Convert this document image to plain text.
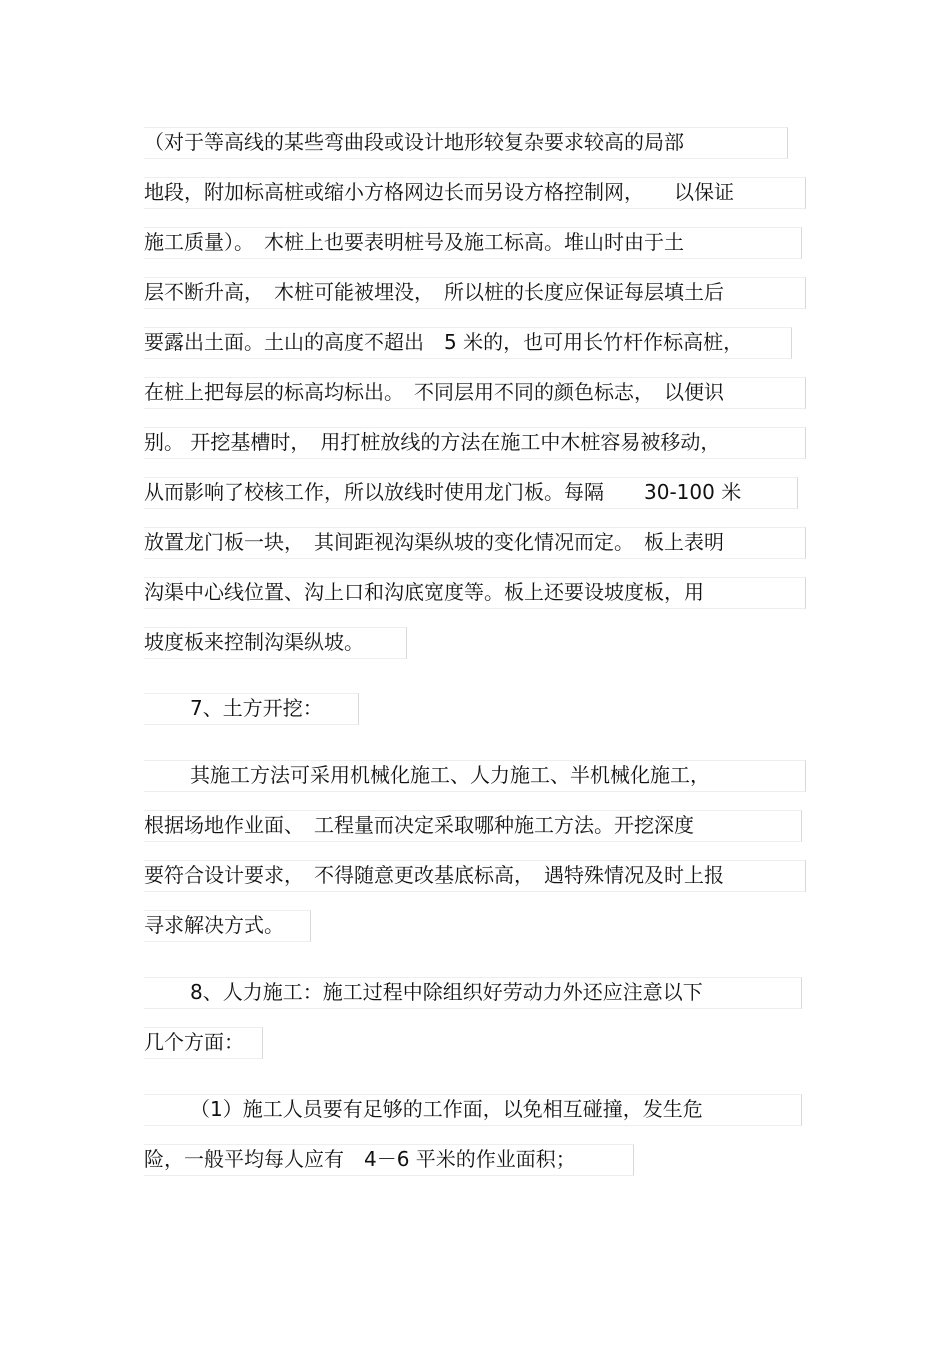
（对于等高线的某些弯曲段或设计地形较复杂要求较高的局部
地段，附加标高桩或缩小方格网边长而另设方格控制网，　　以保证
施工质量）。　木桩上也要表明桩号及施工标高。堆山时由于土
层不断升高，　木桩可能被埋没，　所以桩的长度应保证每层填土后
要露出土面。土山的高度不超出　5 米的，也可用长竹杆作标高桩，
在桩上把每层的标高均标出。　不同层用不同的颜色标志，　以便识
别。 开挖基槽时，　用打桩放线的方法在施工中木桩容易被移动，
从而影响了校核工作，所以放线时使用龙门板。每隔　　30-100 米
放置龙门板一块，　其间距视沟渠纵坡的变化情况而定。　板上表明
沟渠中心线位置、沟上口和沟底宽度等。板上还要设坡度板，用
坡度板来控制沟渠纵坡。
7、土方开挖：
其施工方法可采用机械化施工、人力施工、半机械化施工，
根据场地作业面、　工程量而决定采取哪种施工方法。开挖深度
要符合设计要求，　不得随意更改基底标高，　遇特殊情况及时上报
寻求解决方式。
8、人力施工：施工过程中除组织好劳动力外还应注意以下
几个方面：
（1）施工人员要有足够的工作面，以免相互碰撞，发生危
险，一般平均每人应有　4－6 平米的作业面积；
